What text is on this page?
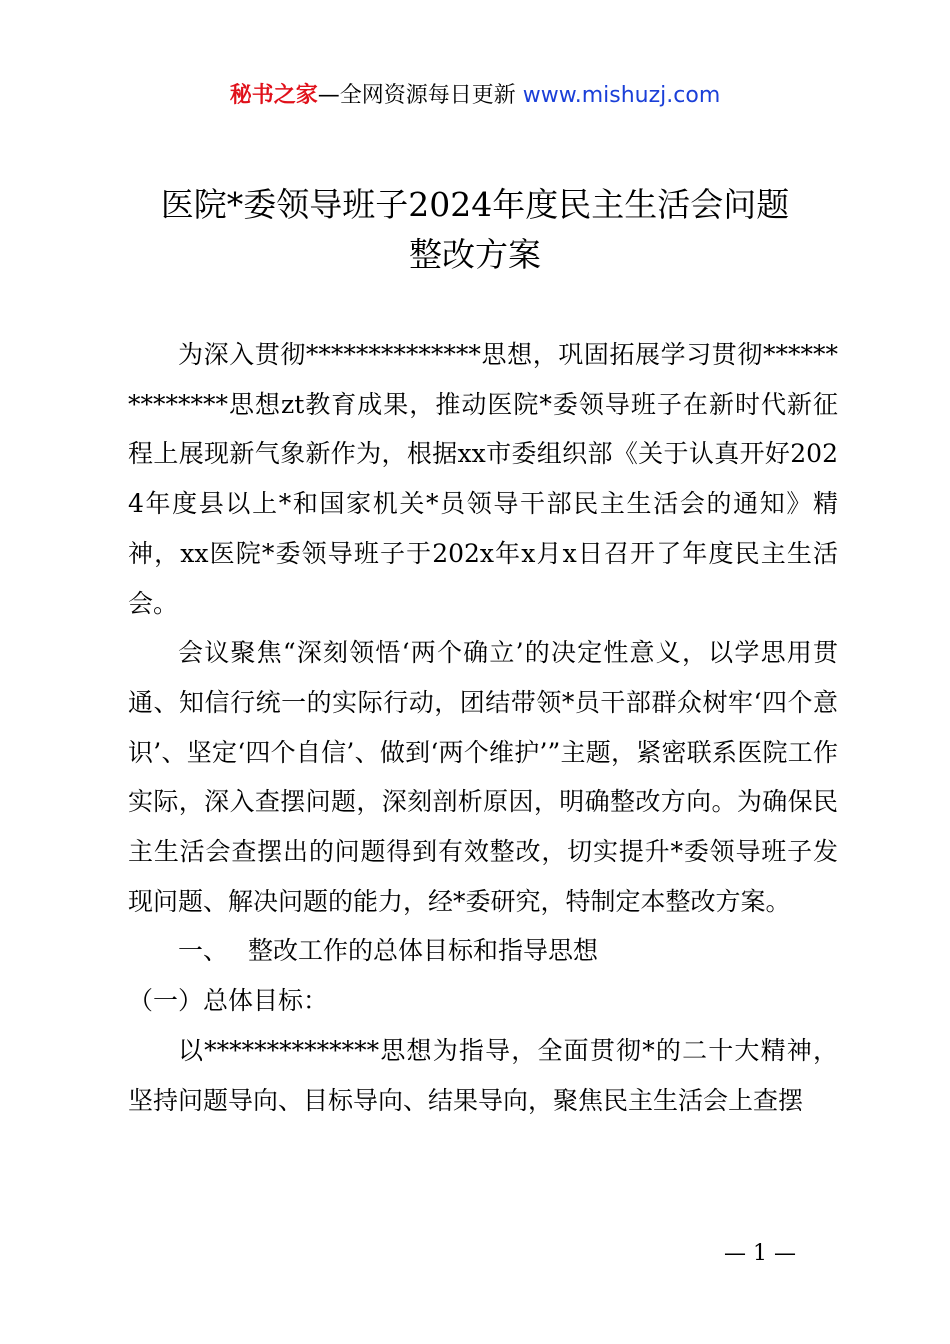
秘书之家—全网资源每日更新 www.mishuzj.com
医院*委领导班子2024年度民主生活会问题
整改方案

为深入贯彻**************思想，巩固拓展学习贯彻**************思想zt教育成果，推动医院*委领导班子在新时代新征程上展现新气象新作为，根据xx市委组织部《关于认真开好2024年度县以上*和国家机关*员领导干部民主生活会的通知》精神，xx医院*委领导班子于202x年x月x日召开了年度民主生活会。

会议聚焦“深刻领悟‘两个确立’的决定性意义，以学思用贯通、知信行统一的实际行动，团结带领*员干部群众树牢‘四个意识’、坚定‘四个自信’、做到‘两个维护’”主题，紧密联系医院工作实际，深入查摆问题，深刻剖析原因，明确整改方向。为确保民主生活会查摆出的问题得到有效整改，切实提升*委领导班子发现问题、解决问题的能力，经*委研究，特制定本整改方案。

一、 整改工作的总体目标和指导思想

（一）总体目标：

以**************思想为指导，全面贯彻*的二十大精神，坚持问题导向、目标导向、结果导向，聚焦民主生活会上查摆

— 1 —
